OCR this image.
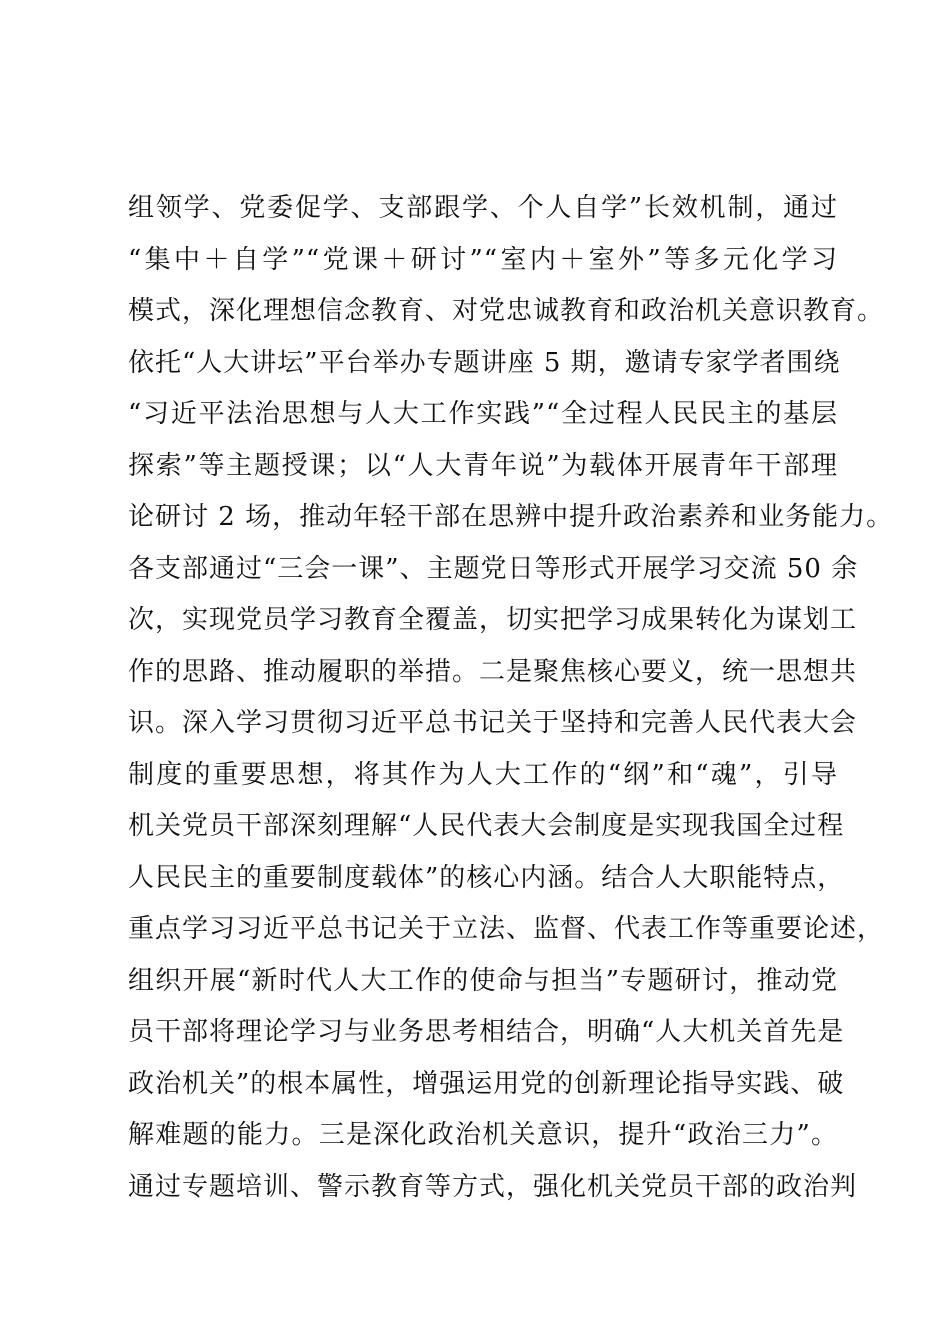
组领学、党委促学、支部跟学、个人自学”长效机制，通过
“集中＋自学”“党课＋研讨”“室内＋室外”等多元化学习
模式，深化理想信念教育、对党忠诚教育和政治机关意识教育。
依托“人大讲坛”平台举办专题讲座 5 期，邀请专家学者围绕
“习近平法治思想与人大工作实践”“全过程人民民主的基层
探索”等主题授课；以“人大青年说”为载体开展青年干部理
论研讨 2 场，推动年轻干部在思辨中提升政治素养和业务能力。
各支部通过“三会一课”、主题党日等形式开展学习交流 50 余
次，实现党员学习教育全覆盖，切实把学习成果转化为谋划工
作的思路、推动履职的举措。二是聚焦核心要义，统一思想共
识。深入学习贯彻习近平总书记关于坚持和完善人民代表大会
制度的重要思想，将其作为人大工作的“纲”和“魂”，引导
机关党员干部深刻理解“人民代表大会制度是实现我国全过程
人民民主的重要制度载体”的核心内涵。结合人大职能特点，
重点学习习近平总书记关于立法、监督、代表工作等重要论述，
组织开展“新时代人大工作的使命与担当”专题研讨，推动党
员干部将理论学习与业务思考相结合，明确“人大机关首先是
政治机关”的根本属性，增强运用党的创新理论指导实践、破
解难题的能力。三是深化政治机关意识，提升“政治三力”。
通过专题培训、警示教育等方式，强化机关党员干部的政治判
